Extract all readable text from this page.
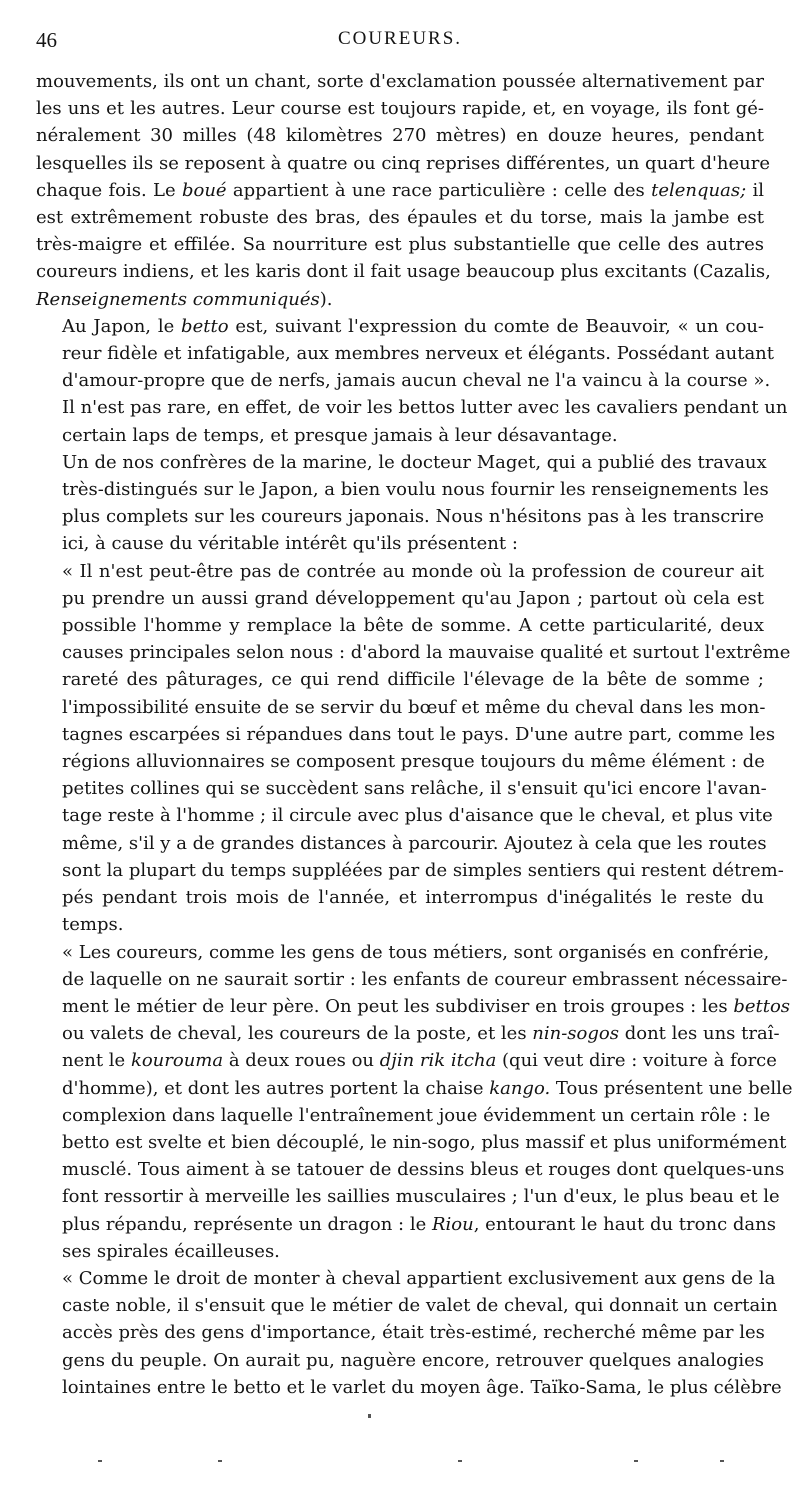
46	COUREURS.
mouvements, ils ont un chant, sorte d'exclamation poussée alternativement par
les uns et les autres. Leur course est toujours rapide, et, en voyage, ils font gé-
néralement 30 milles (48 kilomètres 270 mètres) en douze heures, pendant
lesquelles ils se reposent à quatre ou cinq reprises différentes, un quart d'heure
chaque fois. Le boué appartient à une race particulière : celle des telenquas; il
est extrêmement robuste des bras, des épaules et du torse, mais la jambe est
très-maigre et effilée. Sa nourriture est plus substantielle que celle des autres
coureurs indiens, et les karis dont il fait usage beaucoup plus excitants (Cazalis,
Renseignements communiqués).
Au Japon, le betto est, suivant l'expression du comte de Beauvoir, « un cou-
reur fidèle et infatigable, aux membres nerveux et élégants. Possédant autant
d'amour-propre que de nerfs, jamais aucun cheval ne l'a vaincu à la course ».
Il n'est pas rare, en effet, de voir les bettos lutter avec les cavaliers pendant un
certain laps de temps, et presque jamais à leur désavantage.
Un de nos confrères de la marine, le docteur Maget, qui a publié des travaux
très-distingués sur le Japon, a bien voulu nous fournir les renseignements les
plus complets sur les coureurs japonais. Nous n'hésitons pas à les transcrire
ici, à cause du véritable intérêt qu'ils présentent :
« Il n'est peut-être pas de contrée au monde où la profession de coureur ait
pu prendre un aussi grand développement qu'au Japon ; partout où cela est
possible l'homme y remplace la bête de somme. A cette particularité, deux
causes principales selon nous : d'abord la mauvaise qualité et surtout l'extrême
rareté des pâturages, ce qui rend difficile l'élevage de la bête de somme ;
l'impossibilité ensuite de se servir du bœuf et même du cheval dans les mon-
tagnes escarpées si répandues dans tout le pays. D'une autre part, comme les
régions alluvionnaires se composent presque toujours du même élément : de
petites collines qui se succèdent sans relâche, il s'ensuit qu'ici encore l'avan-
tage reste à l'homme ; il circule avec plus d'aisance que le cheval, et plus vite
même, s'il y a de grandes distances à parcourir. Ajoutez à cela que les routes
sont la plupart du temps suppléées par de simples sentiers qui restent détrem-
pés pendant trois mois de l'année, et interrompus d'inégalités le reste du
temps.
« Les coureurs, comme les gens de tous métiers, sont organisés en confrérie,
de laquelle on ne saurait sortir : les enfants de coureur embrassent nécessaire-
ment le métier de leur père. On peut les subdiviser en trois groupes : les bettos
ou valets de cheval, les coureurs de la poste, et les nin-sogos dont les uns traî-
nent le kourouma à deux roues ou djin rik itcha (qui veut dire : voiture à force
d'homme), et dont les autres portent la chaise kango. Tous présentent une belle
complexion dans laquelle l'entraînement joue évidemment un certain rôle : le
betto est svelte et bien découplé, le nin-sogo, plus massif et plus uniformément
musclé. Tous aiment à se tatouer de dessins bleus et rouges dont quelques-uns
font ressortir à merveille les saillies musculaires ; l'un d'eux, le plus beau et le
plus répandu, représente un dragon : le Riou, entourant le haut du tronc dans
ses spirales écailleuses.
« Comme le droit de monter à cheval appartient exclusivement aux gens de la
caste noble, il s'ensuit que le métier de valet de cheval, qui donnait un certain
accès près des gens d'importance, était très-estimé, recherché même par les
gens du peuple. On aurait pu, naguère encore, retrouver quelques analogies
lointaines entre le betto et le varlet du moyen âge. Taïko-Sama, le plus célèbre
